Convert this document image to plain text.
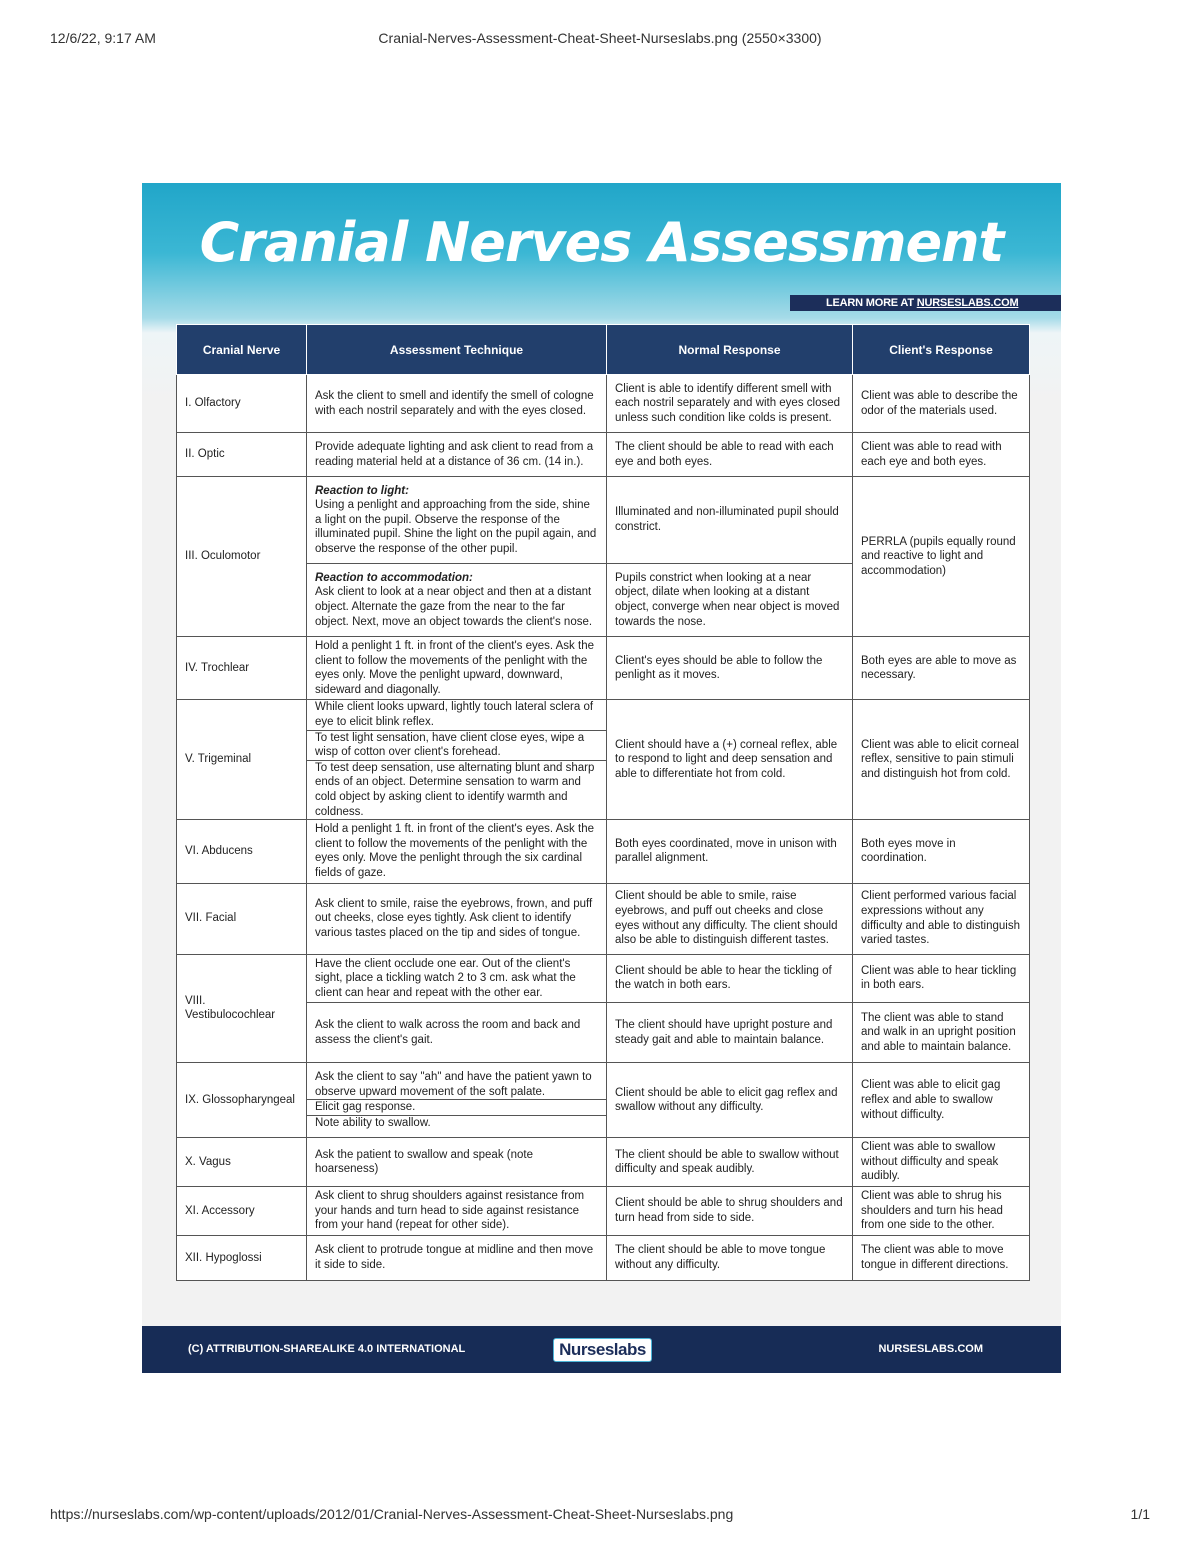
12/6/22, 9:17 AM	Cranial-Nerves-Assessment-Cheat-Sheet-Nurseslabs.png (2550×3300)
Cranial Nerves Assessment
LEARN MORE AT NURSESLABS.COM
Cranial Nerve	Assessment Technique	Normal Response	Client's Response
I. Olfactory	Ask the client to smell and identify the smell of cologne with each nostril separately and with the eyes closed.	Client is able to identify different smell with each nostril separately and with eyes closed unless such condition like colds is present.	Client was able to describe the odor of the materials used.
II. Optic	Provide adequate lighting and ask client to read from a reading material held at a distance of 36 cm. (14 in.).	The client should be able to read with each eye and both eyes.	Client was able to read with each eye and both eyes.
III. Oculomotor	Reaction to light:
Using a penlight and approaching from the side, shine a light on the pupil. Observe the response of the illuminated pupil. Shine the light on the pupil again, and observe the response of the other pupil.	Illuminated and non-illuminated pupil should constrict.	PERRLA (pupils equally round and reactive to light and accommodation)

	Reaction to accommodation:
Ask client to look at a near object and then at a distant object. Alternate the gaze from the near to the far object. Next, move an object towards the client's nose.	Pupils constrict when looking at a near object, dilate when looking at a distant object, converge when near object is moved towards the nose.	
IV. Trochlear	Hold a penlight 1 ft. in front of the client's eyes. Ask the client to follow the movements of the penlight with the eyes only. Move the penlight upward, downward, sideward and diagonally.	Client's eyes should be able to follow the penlight as it moves.	Both eyes are able to move as necessary.
V. Trigeminal	While client looks upward, lightly touch lateral sclera of eye to elicit blink reflex.
To test light sensation, have client close eyes, wipe a wisp of cotton over client's forehead.
To test deep sensation, use alternating blunt and sharp ends of an object. Determine sensation to warm and cold object by asking client to identify warmth and coldness.	Client should have a (+) corneal reflex, able to respond to light and deep sensation and able to differentiate hot from cold.	Client was able to elicit corneal reflex, sensitive to pain stimuli and distinguish hot from cold.
VI. Abducens	Hold a penlight 1 ft. in front of the client's eyes. Ask the client to follow the movements of the penlight with the eyes only. Move the penlight through the six cardinal fields of gaze.	Both eyes coordinated, move in unison with parallel alignment.	Both eyes move in coordination.
VII. Facial	Ask client to smile, raise the eyebrows, frown, and puff out cheeks, close eyes tightly. Ask client to identify various tastes placed on the tip and sides of tongue.	Client should be able to smile, raise eyebrows, and puff out cheeks and close eyes without any difficulty. The client should also be able to distinguish different tastes.	Client performed various facial expressions without any difficulty and able to distinguish varied tastes.
VIII. Vestibulocochlear	Have the client occlude one ear. Out of the client's sight, place a tickling watch 2 to 3 cm. ask what the client can hear and repeat with the other ear.	Client should be able to hear the tickling of the watch in both ears.	Client was able to hear tickling in both ears.
	Ask the client to walk across the room and back and assess the client's gait.	The client should have upright posture and steady gait and able to maintain balance.	The client was able to stand and walk in an upright position and able to maintain balance.
IX. Glossopharyngeal	Ask the client to say "ah" and have the patient yawn to observe upward movement of the soft palate.
Elicit gag response.
Note ability to swallow.	Client should be able to elicit gag reflex and swallow without any difficulty.	Client was able to elicit gag reflex and able to swallow without difficulty.
X. Vagus	Ask the patient to swallow and speak (note hoarseness)	The client should be able to swallow without difficulty and speak audibly.	Client was able to swallow without difficulty and speak audibly.
XI. Accessory	Ask client to shrug shoulders against resistance from your hands and turn head to side against resistance from your hand (repeat for other side).	Client should be able to shrug shoulders and turn head from side to side.	Client was able to shrug his shoulders and turn his head from one side to the other.
XII. Hypoglossi	Ask client to protrude tongue at midline and then move it side to side.	The client should be able to move tongue without any difficulty.	The client was able to move tongue in different directions.
(C) ATTRIBUTION-SHAREALIKE 4.0 INTERNATIONAL	Nurseslabs	NURSESLABS.COM
https://nurseslabs.com/wp-content/uploads/2012/01/Cranial-Nerves-Assessment-Cheat-Sheet-Nurseslabs.png	1/1
